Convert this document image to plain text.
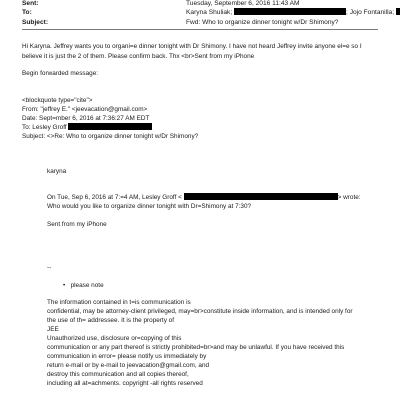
Sent:	Tuesday, September 6, 2016 11:43 AM
To:	Karyna Shuliak;	; Jojo Fontanilla;
Subject:	Fwd: Who to organize dinner tonight w/Dr Shimony?
Hi Karyna. Jeffrey wants you to organi=e dinner tonight with Dr Shimony. I have not heard Jeffrey invite anyone el=e so I
believe it is just the 2 of them. Please confirm back. Thx <br>Sent from my iPhone
Begin forwarded message:
<blockquote type="cite">
From: "jeffrey E." <jeevacation@gmail.com>
Date: Sept=mber 6, 2016 at 7:36:27 AM EDT
To: Lesley Groff
Subject: <>Re: Who to organize dinner tonight w/Dr Shimony?
karyna
On Tue, Sep 6, 2016 at 7:=4 AM, Lesley Groff <	> wrote:
Who would you like to organize dinner tonight with Dr=Shimony at 7:30?
Sent from my iPhone
--
•   please note
The information contained in t=is communication is
confidential, may be attorney-client privileged, may=br>constitute inside information, and is intended only for
the use of th= addressee. It is the property of
JEE
Unauthorized use, disclosure or=copying of this
communication or any part thereof is strictly prohibited=br>and may be unlawful. If you have received this
communication in error= please notify us immediately by
return e-mail or by e-mail to jeevacation@gmail.com, and
destroy this communication and all copies thereof,
including all at=achments. copyright -all rights reserved
